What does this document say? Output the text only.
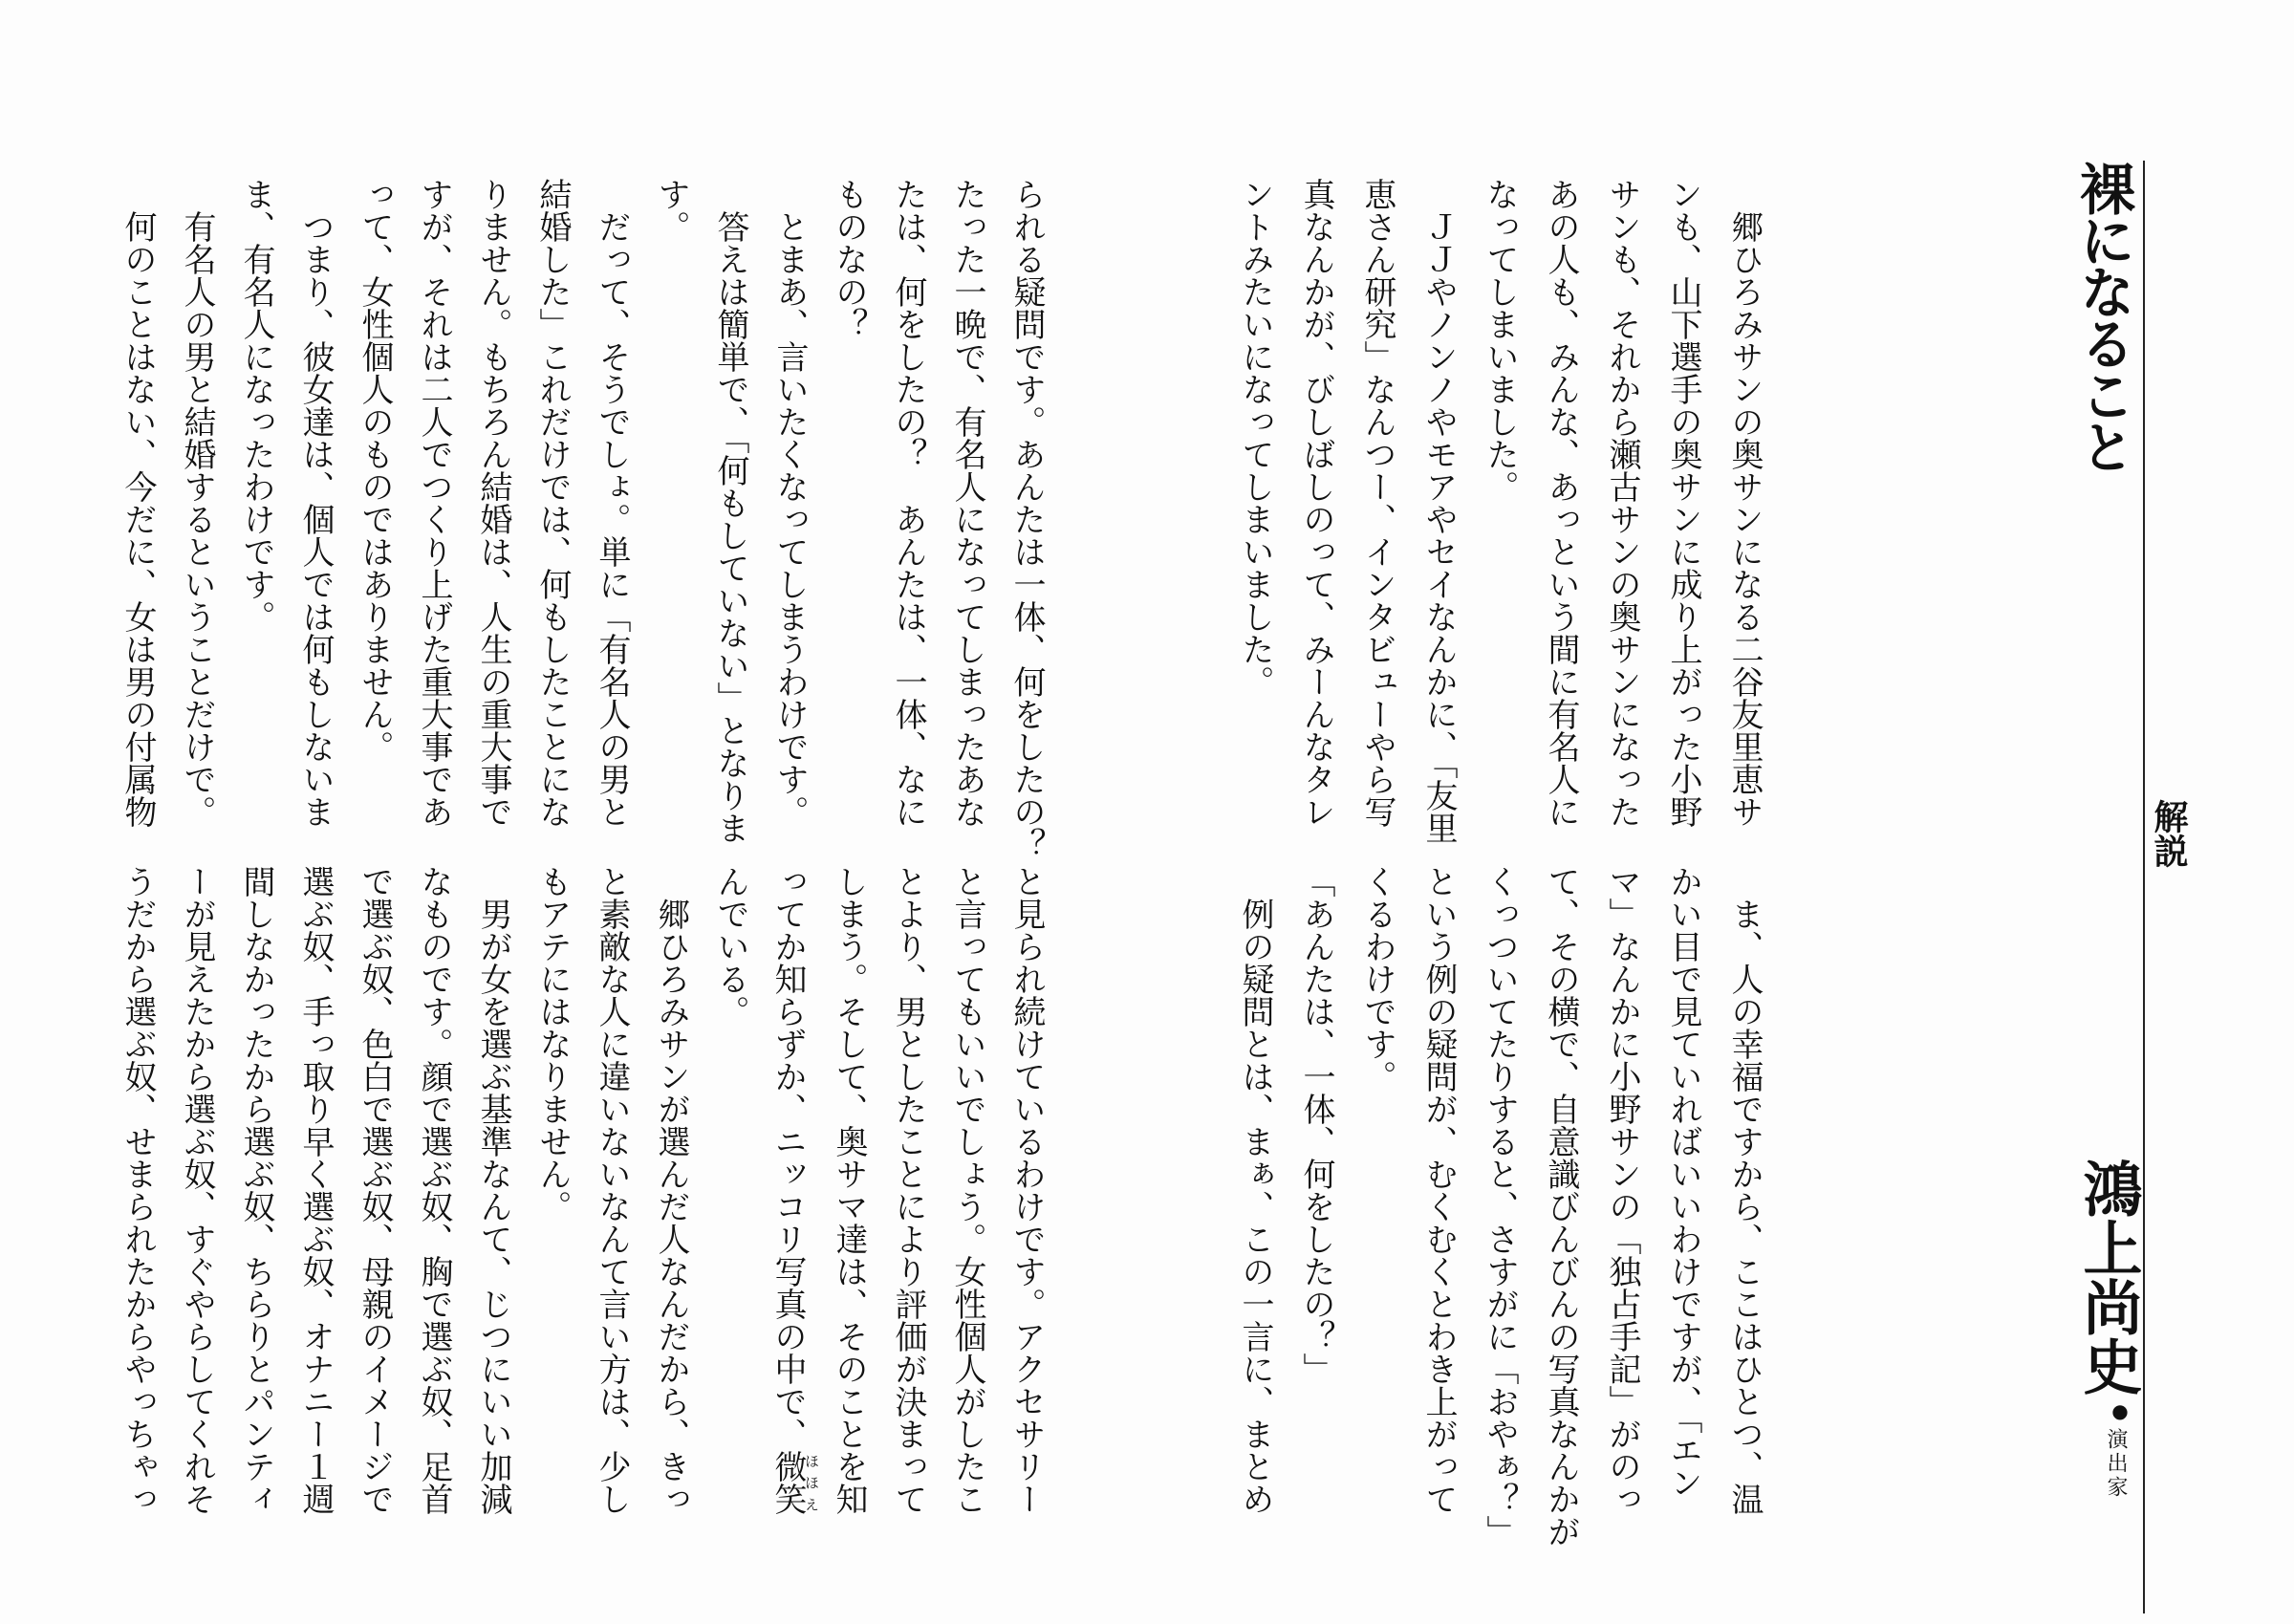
裸になること
解説
鴻上尚史
●
演出家
　郷ひろみサンの奥サンになる二谷友里恵サ
ンも、山下選手の奥サンに成り上がった小野
サンも、それから瀬古サンの奥サンになった
あの人も、みんな、あっという間に有名人に
なってしまいました。
　ＪＪやノンノやモアやセイなんかに、「友里
恵さん研究」なんつー、インタビューやら写
真なんかが、びしばしのって、みーんなタレ
ントみたいになってしまいました。
　ま、人の幸福ですから、ここはひとつ、温
かい目で見ていればいいわけですが、「エン
マ」なんかに小野サンの「独占手記」がのっ
て、その横で、自意識びんびんの写真なんかが
くっついてたりすると、さすがに「おやぁ？」
という例の疑問が、むくむくとわき上がって
くるわけです。
「あんたは、一体、何をしたの？」
　例の疑問とは、まぁ、この一言に、まとめ
られる疑問です。あんたは一体、何をしたの？
たった一晩で、有名人になってしまったあな
たは、何をしたの？　あんたは、一体、なに
ものなの？
　とまあ、言いたくなってしまうわけです。
　答えは簡単で、「何もしていない」となりま
す。
　だって、そうでしょ。単に「有名人の男と
結婚した」これだけでは、何もしたことにな
りません。もちろん結婚は、人生の重大事で
すが、それは二人でつくり上げた重大事であ
って、女性個人のものではありません。
　つまり、彼女達は、個人では何もしないま
ま、有名人になったわけです。
　有名人の男と結婚するということだけで。
　何のことはない、今だに、女は男の付属物
と見られ続けているわけです。アクセサリー
と言ってもいいでしょう。女性個人がしたこ
とより、男としたことにより評価が決まって
しまう。そして、奥サマ達は、そのことを知
ってか知らずか、ニッコリ写真の中で、微笑ほほえ
んでいる。
　郷ひろみサンが選んだ人なんだから、きっ
と素敵な人に違いないなんて言い方は、少し
もアテにはなりません。
　男が女を選ぶ基準なんて、じつにいい加減
なものです。顔で選ぶ奴、胸で選ぶ奴、足首
で選ぶ奴、色白で選ぶ奴、母親のイメージで
選ぶ奴、手っ取り早く選ぶ奴、オナニー１週
間しなかったから選ぶ奴、ちらりとパンティ
ーが見えたから選ぶ奴、すぐやらしてくれそ
うだから選ぶ奴、せまられたからやっちゃっ
